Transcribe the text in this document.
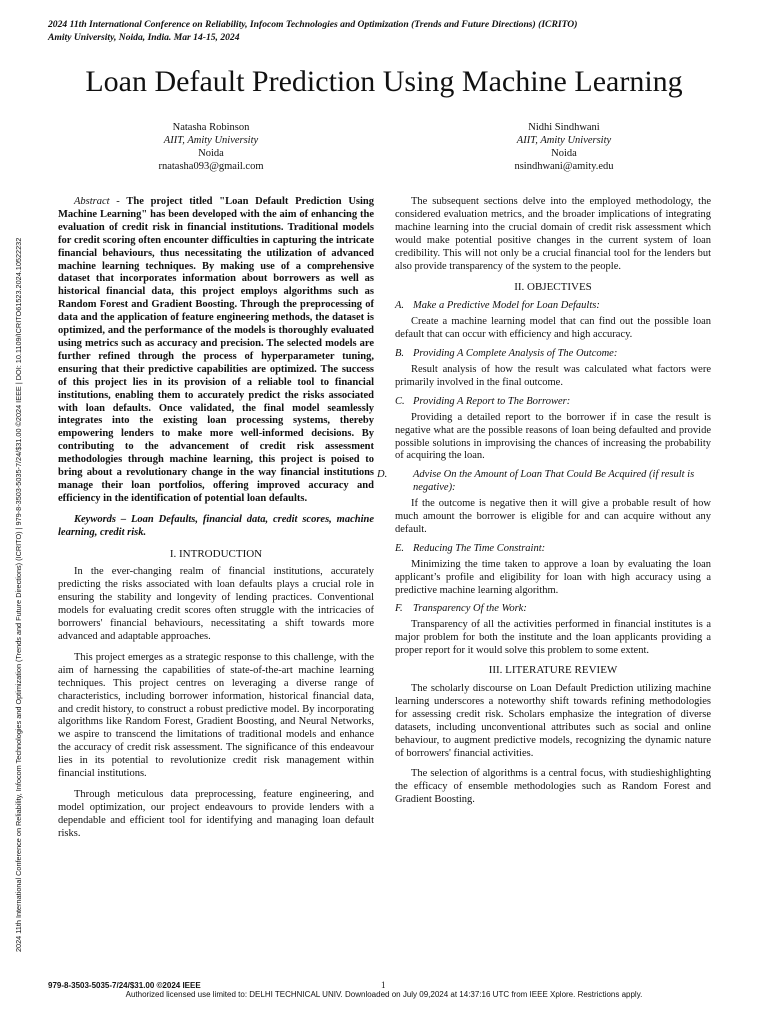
2024 11th International Conference on Reliability, Infocom Technologies and Optimization (Trends and Future Directions) (ICRITO)
Amity University, Noida, India. Mar 14-15, 2024
2024 11th International Conference on Reliability, Infocom Technologies and Optimization (Trends and Future Directions) (ICRITO) | 979-8-3503-5035-7/24/$31.00 ©2024 IEEE | DOI: 10.1109/ICRITO61523.2024.10522232
Loan Default Prediction Using Machine Learning
Natasha Robinson
AIIT, Amity University
Noida
rnatasha093@gmail.com
Nidhi Sindhwani
AIIT, Amity University
Noida
nsindhwani@amity.edu

Abstract - The project titled "Loan Default Prediction Using Machine Learning" has been developed with the aim of enhancing the evaluation of credit risk in financial institutions. Traditional models for credit scoring often encounter difficulties in capturing the intricate financial behaviours, thus necessitating the utilization of advanced machine learning techniques. By making use of a comprehensive dataset that incorporates information about borrowers as well as historical financial data, this project employs algorithms such as Random Forest and Gradient Boosting. Through the preprocessing of data and the application of feature engineering methods, the dataset is optimized, and the performance of the models is thoroughly evaluated using metrics such as accuracy and precision. The selected models are further refined through the process of hyperparameter tuning, ensuring that their predictive capabilities are optimized. The success of this project lies in its provision of a reliable tool to financial institutions, enabling them to accurately predict the risks associated with loan defaults. Once validated, the final model seamlessly integrates into the existing loan processing systems, thereby empowering lenders to make more well-informed decisions. By contributing to the advancement of credit risk assessment methodologies through machine learning, this project is poised to bring about a revolutionary change in the way financial institutions manage their loan portfolios, offering improved accuracy and efficiency in the identification of potential loan defaults.

Keywords – Loan Defaults, financial data, credit scores, machine learning, credit risk.

I. INTRODUCTION

In the ever-changing realm of financial institutions, accurately predicting the risks associated with loan defaults plays a crucial role in ensuring the stability and longevity of lending practices. Conventional models for evaluating credit scores often struggle with the intricacies of borrowers' financial behaviours, necessitating a shift towards more advanced and adaptable approaches.

This project emerges as a strategic response to this challenge, with the aim of harnessing the capabilities of state-of-the-art machine learning techniques. This project centres on leveraging a diverse range of characteristics, including borrower information, historical financial data, and credit history, to construct a robust predictive model. By incorporating algorithms like Random Forest, Gradient Boosting, and Neural Networks, we aspire to transcend the limitations of traditional models and enhance the accuracy of credit risk assessment. The significance of this endeavour lies in its potential to revolutionize credit risk management within financial institutions.

Through meticulous data preprocessing, feature engineering, and model optimization, our project endeavours to provide lenders with a dependable and efficient tool for identifying and managing loan default risks.

The subsequent sections delve into the employed methodology, the considered evaluation metrics, and the broader implications of integrating machine learning into the crucial domain of credit risk assessment which would make potential positive changes in the current system of loan credibility. This will not only be a crucial financial tool for the lenders but also provide transparency of the system to the people.

II. OBJECTIVES
A. Make a Predictive Model for Loan Defaults:

Create a machine learning model that can find out the possible loan default that can occur with efficiency and high accuracy.

B. Providing A Complete Analysis of The Outcome:

Result analysis of how the result was calculated what factors were primarily involved in the final outcome.

C. Providing A Report to The Borrower:

Providing a detailed report to the borrower if in case the result is negative what are the possible reasons of loan being defaulted and provide possible solutions in improvising the chances of increasing the probability of acquiring the loan.

D. Advise On the Amount of Loan That Could Be Acquired (if result is negative):

If the outcome is negative then it will give a probable result of how much amount the borrower is eligible for and can acquire without any default.

E. Reducing The Time Constraint:

Minimizing the time taken to approve a loan by evaluating the loan applicant’s profile and eligibility for loan with high accuracy using a predictive machine learning algorithm.

F. Transparency Of the Work:

Transparency of all the activities performed in financial institutes is a major problem for both the institute and the loan applicants providing a proper report for it would solve this problem to some extent.

III. LITERATURE REVIEW

The scholarly discourse on Loan Default Prediction utilizing machine learning underscores a noteworthy shift towards refining methodologies for assessing credit risk. Scholars emphasize the integration of diverse datasets, including unconventional attributes such as social and online behaviour, to augment predictive models, recognizing the dynamic nature of borrowers' financial activities.

The selection of algorithms is a central focus, with studieshighlighting the efficacy of ensemble methodologies such as Random Forest and Gradient Boosting.

979-8-3503-5035-7/24/$31.00 ©2024 IEEE	1
Authorized licensed use limited to: DELHI TECHNICAL UNIV. Downloaded on July 09,2024 at 14:37:16 UTC from IEEE Xplore. Restrictions apply.
